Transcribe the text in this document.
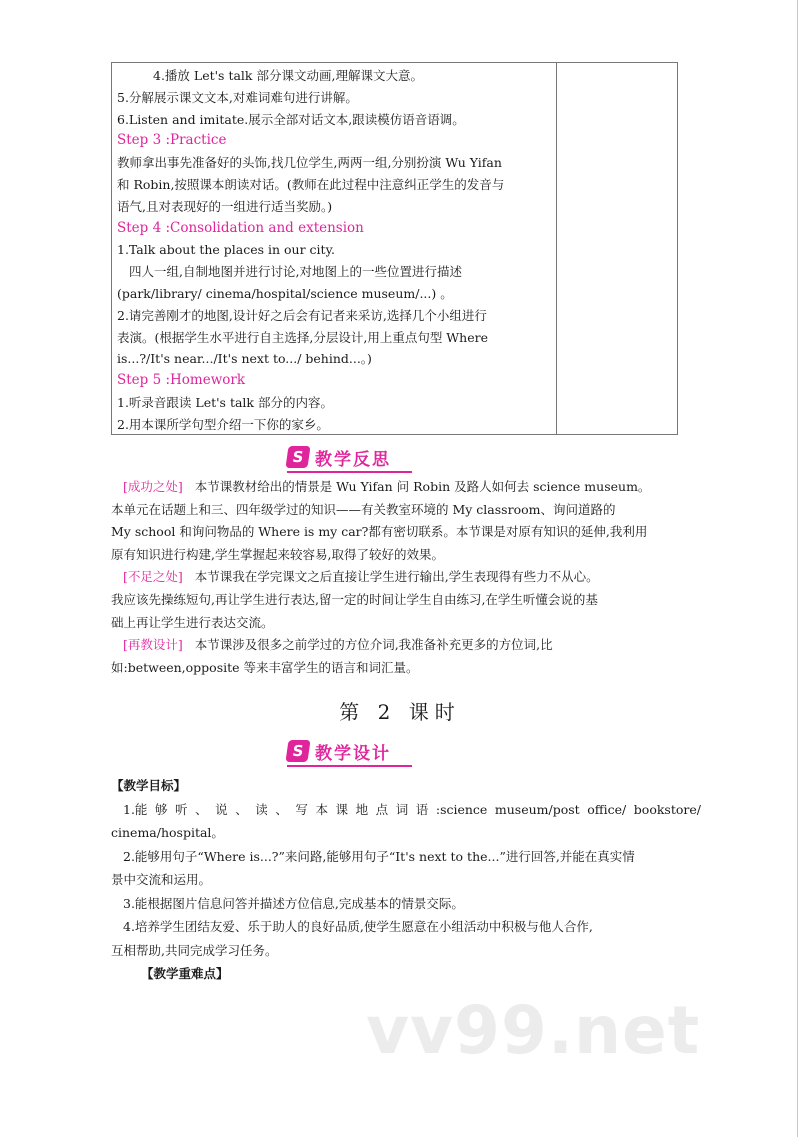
4.播放 Let's talk 部分课文动画,理解课文大意。
5.分解展示课文文本,对难词难句进行讲解。
6.Listen and imitate.展示全部对话文本,跟读模仿语音语调。
Step 3 :Practice
教师拿出事先准备好的头饰,找几位学生,两两一组,分别扮演 Wu Yifan
和 Robin,按照课本朗读对话。(教师在此过程中注意纠正学生的发音与
语气,且对表现好的一组进行适当奖励。)
Step 4 :Consolidation and extension
1.Talk about the places in our city.
四人一组,自制地图并进行讨论,对地图上的一些位置进行描述
(park/library/ cinema/hospital/science museum/...) 。
2.请完善刚才的地图,设计好之后会有记者来采访,选择几个小组进行
表演。(根据学生水平进行自主选择,分层设计,用上重点句型 Where
is...?/It's near.../It's next to.../ behind...。)
Step 5 :Homework
1.听录音跟读 Let's talk 部分的内容。
2.用本课所学句型介绍一下你的家乡。
S 教学反思
[成功之处] 本节课教材给出的情景是 Wu Yifan 问 Robin 及路人如何去 science museum。
本单元在话题上和三、四年级学过的知识——有关教室环境的 My classroom、询问道路的
My school 和询问物品的 Where is my car?都有密切联系。本节课是对原有知识的延伸,我利用
原有知识进行构建,学生掌握起来较容易,取得了较好的效果。
[不足之处] 本节课我在学完课文之后直接让学生进行输出,学生表现得有些力不从心。
我应该先操练短句,再让学生进行表达,留一定的时间让学生自由练习,在学生听懂会说的基
础上再让学生进行表达交流。
[再教设计] 本节课涉及很多之前学过的方位介词,我准备补充更多的方位词,比
如:between,opposite 等来丰富学生的语言和词汇量。
第 2 课时
S 教学设计
【教学目标】
1.能 够 听 、 说 、 读 、 写 本 课 地 点 词 语 :science museum/post office/ bookstore/
cinema/hospital。
2.能够用句子“Where is...?”来问路,能够用句子“It's next to the...”进行回答,并能在真实情
景中交流和运用。
3.能根据图片信息问答并描述方位信息,完成基本的情景交际。
4.培养学生团结友爱、乐于助人的良好品质,使学生愿意在小组活动中积极与他人合作,
互相帮助,共同完成学习任务。
【教学重难点】
vv99.net
